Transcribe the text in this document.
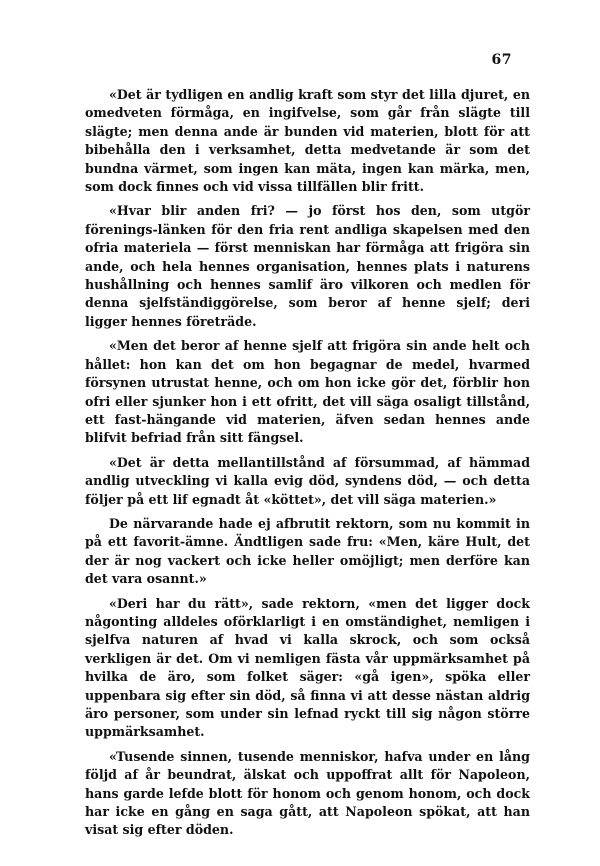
67

«Det är tydligen en andlig kraft som styr det lilla djuret, en omedveten förmåga, en ingifvelse, som går från slägte till slägte; men denna ande är bunden vid materien, blott för att bibehålla den i verksamhet, detta medvetande är som det bundna värmet, som ingen kan mäta, ingen kan märka, men, som dock finnes och vid vissa tillfällen blir fritt.

«Hvar blir anden fri? — jo först hos den, som utgör förenings-länken för den fria rent andliga skapelsen med den ofria materiela — först menniskan har förmåga att frigöra sin ande, och hela hennes organisation, hennes plats i naturens hushållning och hennes samlif äro vilkoren och medlen för denna sjelfständiggörelse, som beror af henne sjelf; deri ligger hennes företräde.

«Men det beror af henne sjelf att frigöra sin ande helt och hållet: hon kan det om hon begagnar de medel, hvarmed försynen utrustat henne, och om hon icke gör det, förblir hon ofri eller sjunker hon i ett ofritt, det vill säga osaligt tillstånd, ett fast-hängande vid materien, äfven sedan hennes ande blifvit befriad från sitt fängsel.

«Det är detta mellantillstånd af försummad, af hämmad andlig utveckling vi kalla evig död, syndens död, — och detta följer på ett lif egnadt åt «köttet», det vill säga materien.»

De närvarande hade ej afbrutit rektorn, som nu kommit in på ett favorit-ämne. Ändtligen sade fru: «Men, käre Hult, det der är nog vackert och icke heller omöjligt; men derföre kan det vara osannt.»

«Deri har du rätt», sade rektorn, «men det ligger dock någonting alldeles oförklarligt i en omständighet, nemligen i sjelfva naturen af hvad vi kalla skrock, och som också verkligen är det. Om vi nemligen fästa vår uppmärksamhet på hvilka de äro, som folket säger: «gå igen», spöka eller uppenbara sig efter sin död, så finna vi att desse nästan aldrig äro personer, som under sin lefnad ryckt till sig någon större uppmärksamhet.

«Tusende sinnen, tusende menniskor, hafva under en lång följd af år beundrat, älskat och uppoffrat allt för Napoleon, hans garde lefde blott för honom och genom honom, och dock har icke en gång en saga gått, att Napoleon spökat, att han visat sig efter döden.
